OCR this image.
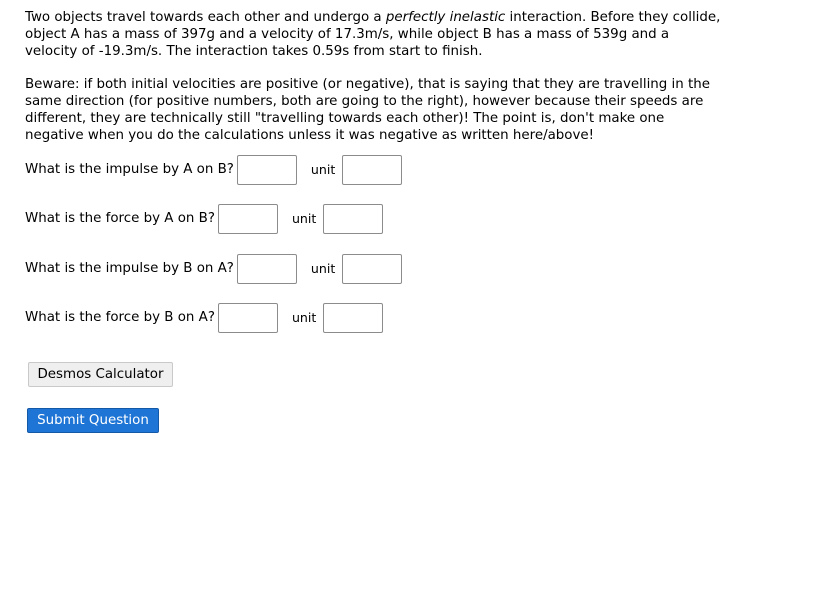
Two objects travel towards each other and undergo a perfectly inelastic interaction. Before they collide, object A has a mass of 397g and a velocity of 17.3m/s, while object B has a mass of 539g and a velocity of -19.3m/s. The interaction takes 0.59s from start to finish.

Beware: if both initial velocities are positive (or negative), that is saying that they are travelling in the same direction (for positive numbers, both are going to the right), however because their speeds are different, they are technically still "travelling towards each other)! The point is, don't make one negative when you do the calculations unless it was negative as written here/above!

What is the impulse by A on B?	unit
What is the force by A on B?	unit
What is the impulse by B on A?	unit
What is the force by B on A?	unit
Desmos Calculator
Submit Question
